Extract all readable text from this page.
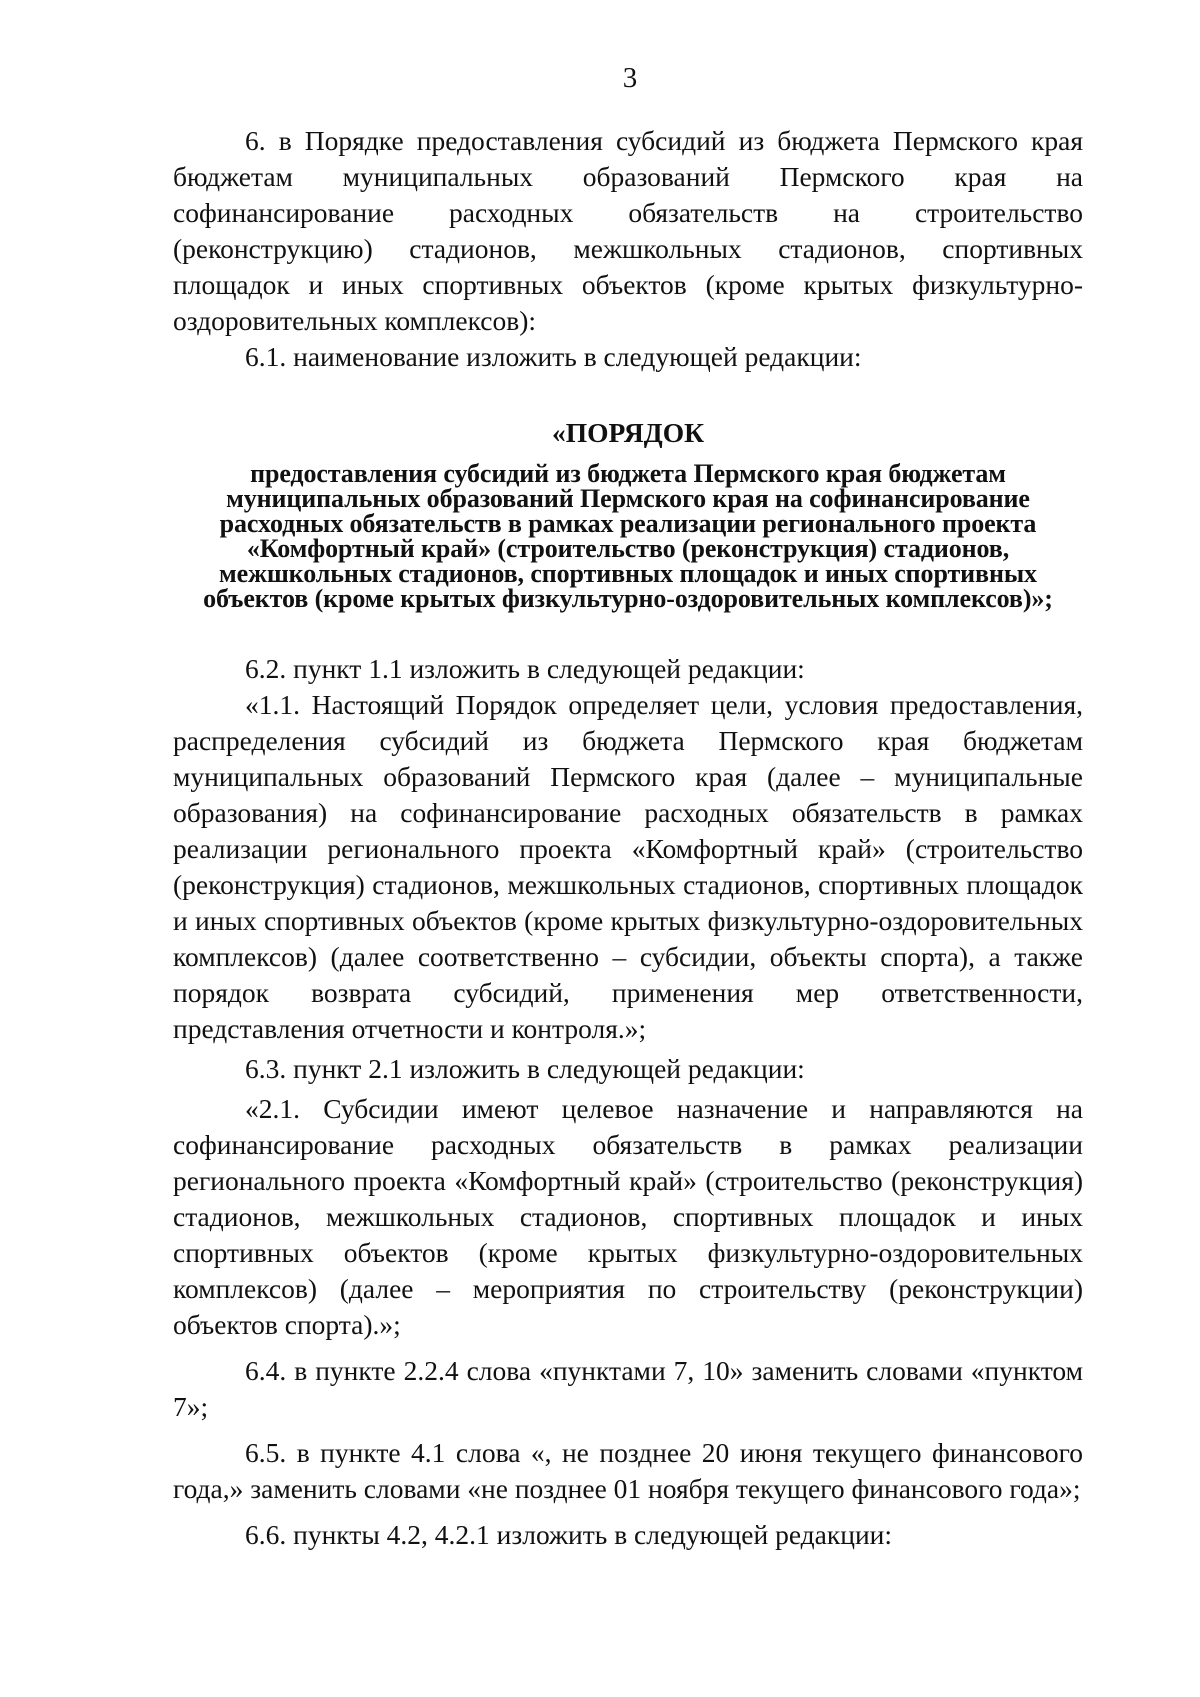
3

6. в Порядке предоставления субсидий из бюджета Пермского края бюджетам муниципальных образований Пермского края на софинансирование расходных обязательств на строительство (реконструкцию) стадионов, межшкольных стадионов, спортивных площадок и иных спортивных объектов (кроме крытых физкультурно-оздоровительных комплексов):

6.1. наименование изложить в следующей редакции:

«ПОРЯДОК

предоставления субсидий из бюджета Пермского края бюджетам муниципальных образований Пермского края на софинансирование расходных обязательств в рамках реализации регионального проекта «Комфортный край» (строительство (реконструкция) стадионов, межшкольных стадионов, спортивных площадок и иных спортивных объектов (кроме крытых физкультурно-оздоровительных комплексов)»;

6.2. пункт 1.1 изложить в следующей редакции:

«1.1. Настоящий Порядок определяет цели, условия предоставления, распределения субсидий из бюджета Пермского края бюджетам муниципальных образований Пермского края (далее – муниципальные образования) на софинансирование расходных обязательств в рамках реализации регионального проекта «Комфортный край» (строительство (реконструкция) стадионов, межшкольных стадионов, спортивных площадок и иных спортивных объектов (кроме крытых физкультурно-оздоровительных комплексов) (далее соответственно – субсидии, объекты спорта), а также порядок возврата субсидий, применения мер ответственности, представления отчетности и контроля.»;

6.3. пункт 2.1 изложить в следующей редакции:

«2.1. Субсидии имеют целевое назначение и направляются на софинансирование расходных обязательств в рамках реализации регионального проекта «Комфортный край» (строительство (реконструкция) стадионов, межшкольных стадионов, спортивных площадок и иных спортивных объектов (кроме крытых физкультурно-оздоровительных комплексов) (далее – мероприятия по строительству (реконструкции) объектов спорта).»;

6.4. в пункте 2.2.4 слова «пунктами 7, 10» заменить словами «пунктом 7»;

6.5. в пункте 4.1 слова «, не позднее 20 июня текущего финансового года,» заменить словами «не позднее 01 ноября текущего финансового года»;

6.6. пункты 4.2, 4.2.1 изложить в следующей редакции:
